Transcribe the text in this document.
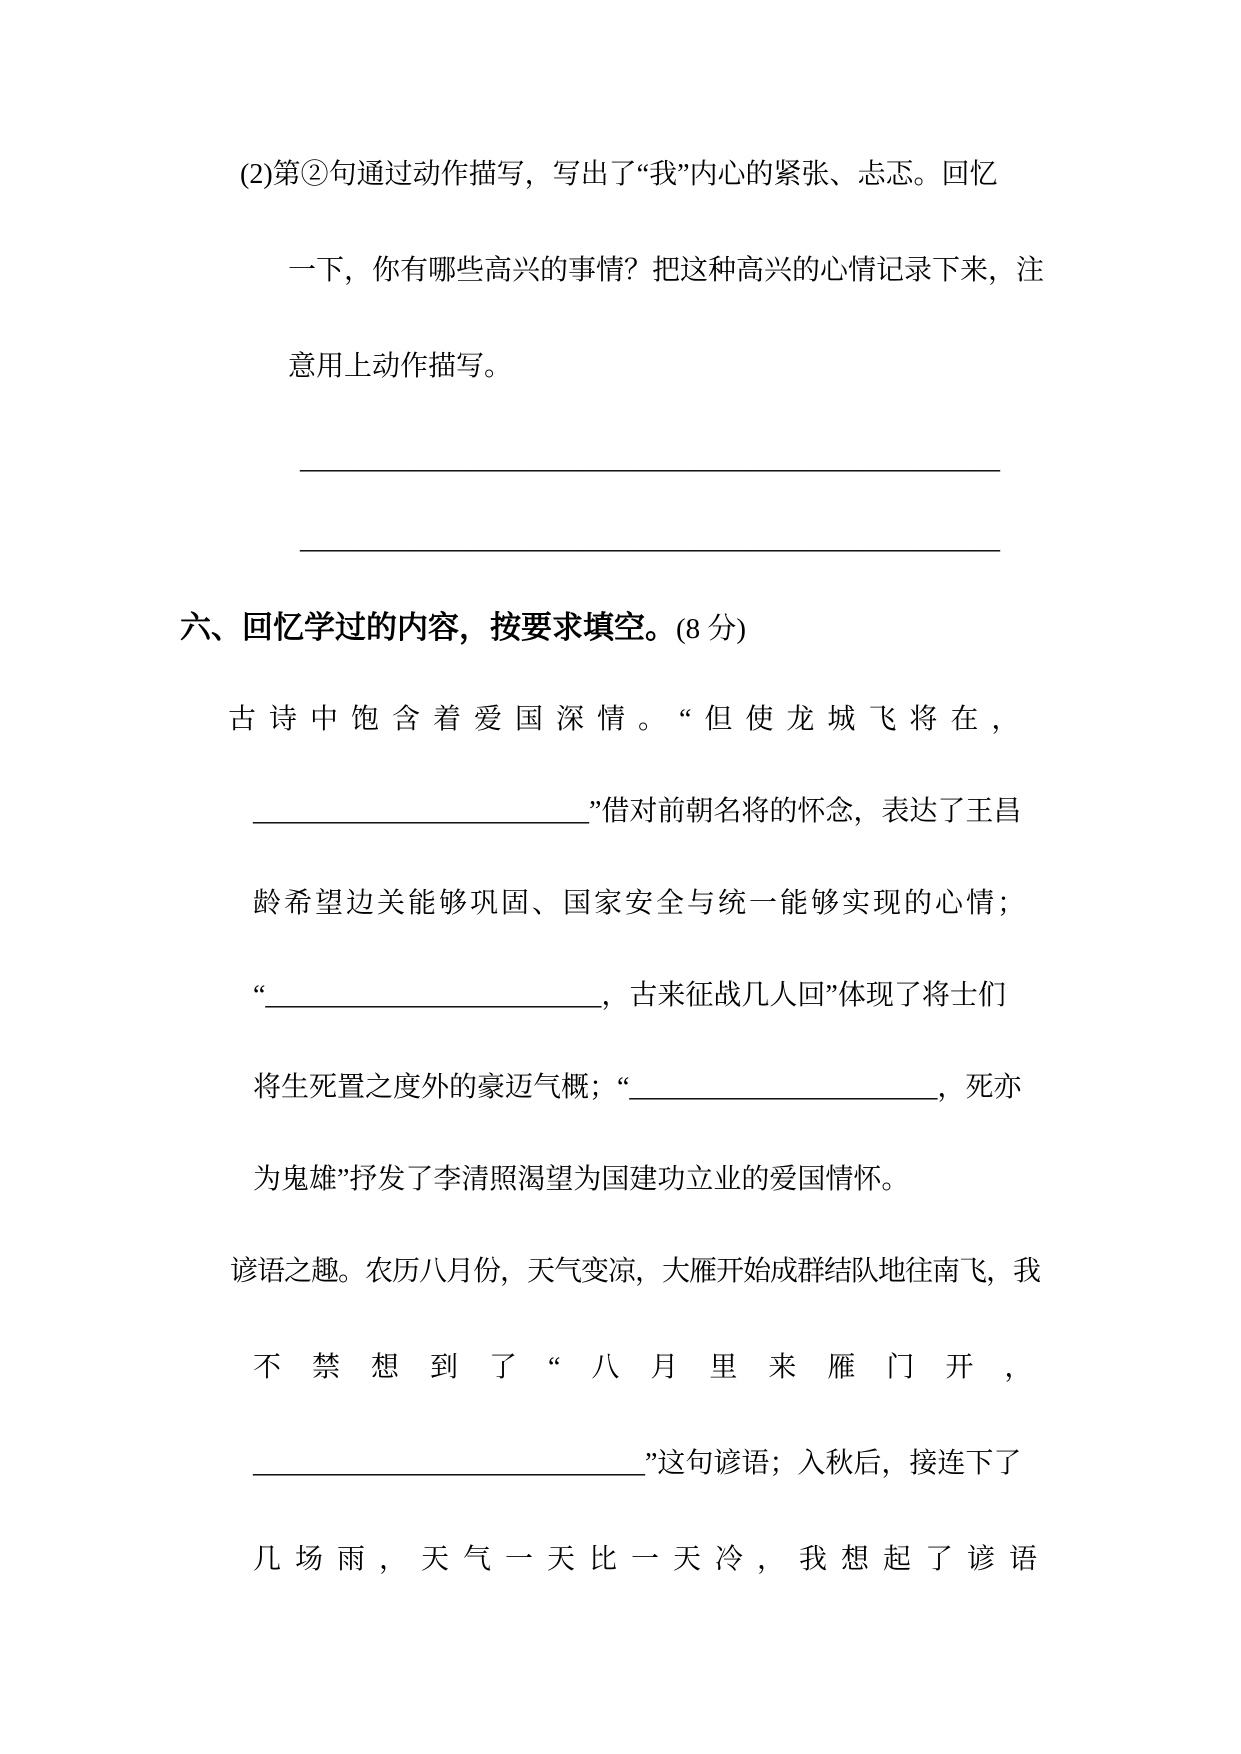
(2)第②句通过动作描写，写出了“我”内心的紧张、忐忑。回忆
一下，你有哪些高兴的事情？把这种高兴的心情记录下来，注
意用上动作描写。
__________________________________________________
__________________________________________________
六、回忆学过的内容，按要求填空。(8 分)
古诗中饱含着爱国深情。“但使龙城飞将在，
________________________”借对前朝名将的怀念，表达了王昌
龄希望边关能够巩固、国家安全与统一能够实现的心情；
“________________________，古来征战几人回”体现了将士们
将生死置之度外的豪迈气概；“______________________，死亦
为鬼雄”抒发了李清照渴望为国建功立业的爱国情怀。
谚语之趣。农历八月份，天气变凉，大雁开始成群结队地往南飞，我
不禁想到了“八月里来雁门开，
____________________________”这句谚语；入秋后，接连下了
几场雨，天气一天比一天冷，我想起了谚语
